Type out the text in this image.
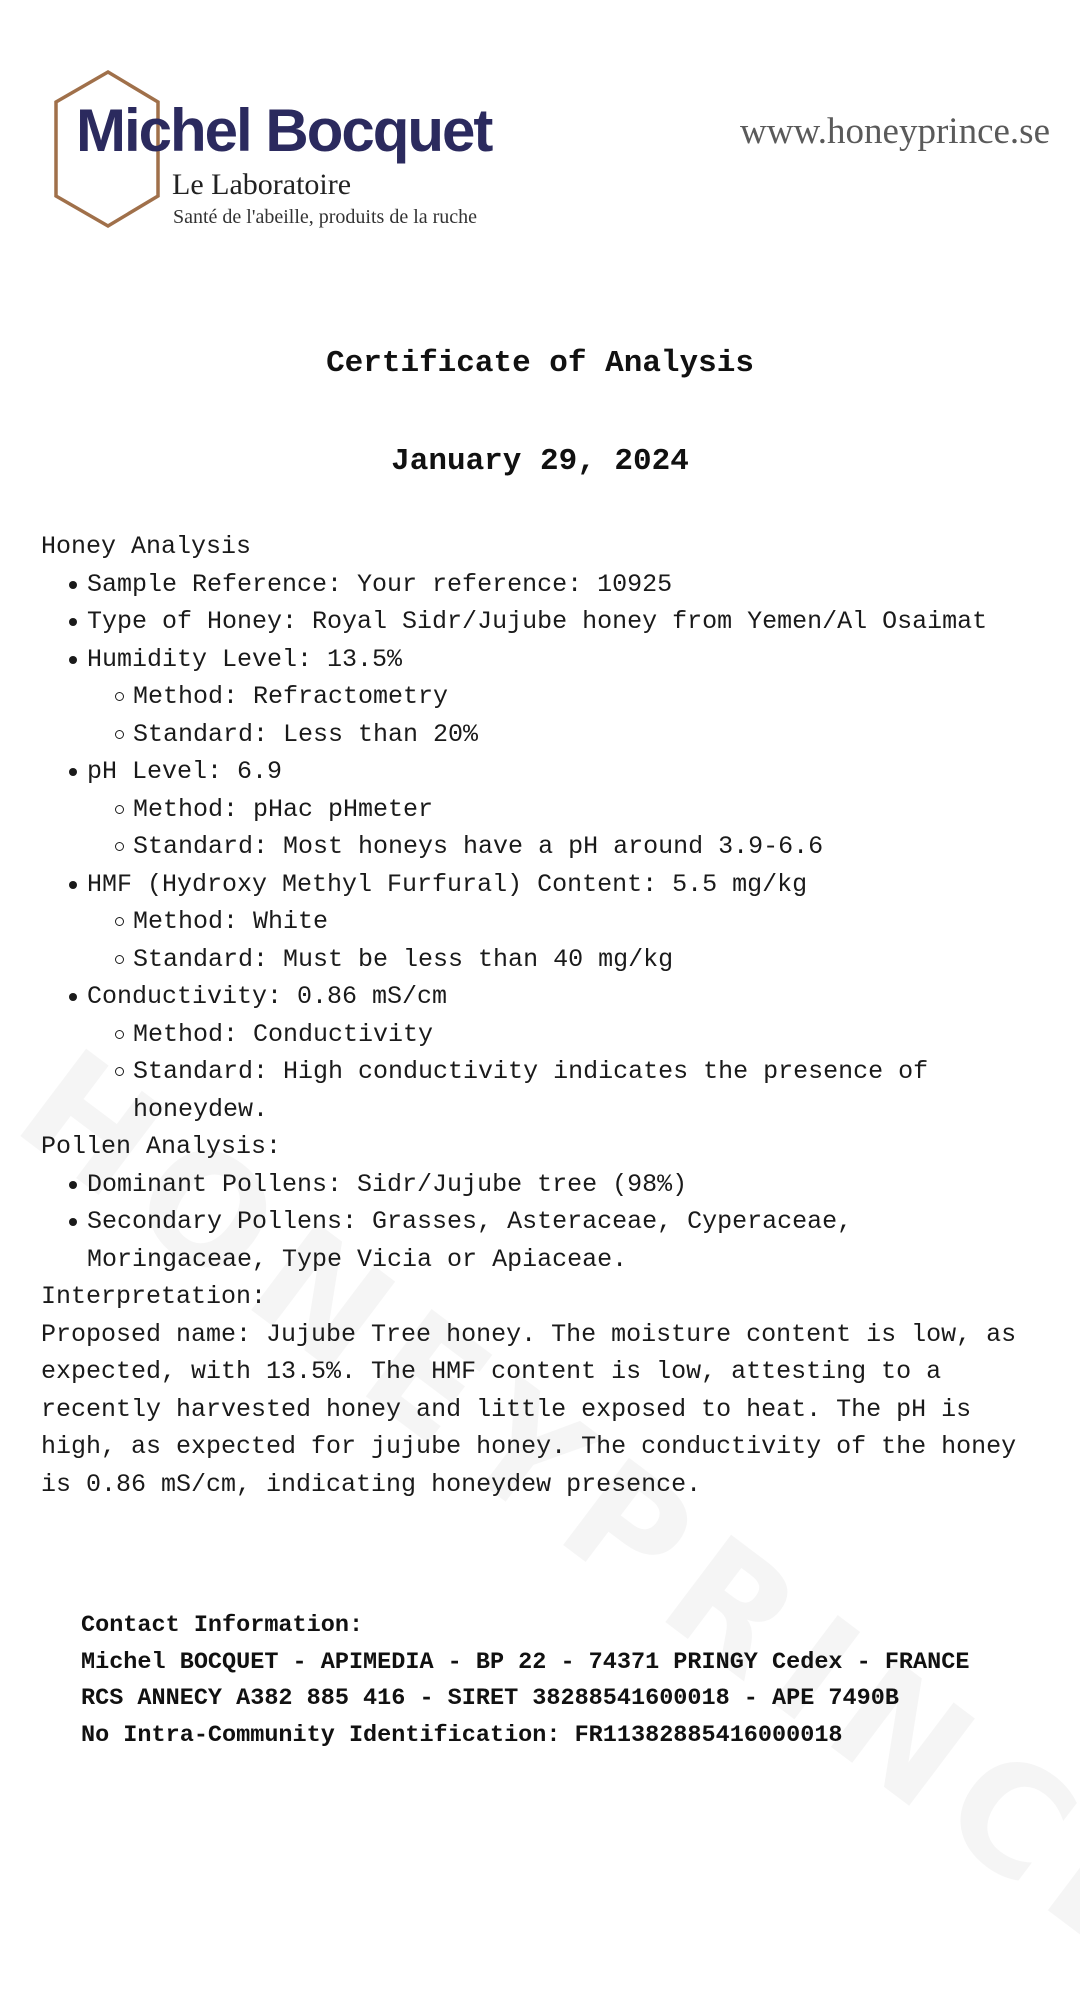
Michel Bocquet
Le Laboratoire
Santé de l'abeille, produits de la ruche
www.honeyprince.se
Certificate of Analysis
January 29, 2024

Honey Analysis

Sample Reference: Your reference: 10925
Type of Honey: Royal Sidr/Jujube honey from Yemen/Al Osaimat
Humidity Level: 13.5%
Method: Refractometry
Standard: Less than 20%
pH Level: 6.9
Method: pHac pHmeter
Standard: Most honeys have a pH around 3.9-6.6
HMF (Hydroxy Methyl Furfural) Content: 5.5 mg/kg
Method: White
Standard: Must be less than 40 mg/kg
Conductivity: 0.86 mS/cm
Method: Conductivity
Standard: High conductivity indicates the presence of honeydew.

Pollen Analysis:

Dominant Pollens: Sidr/Jujube tree (98%)
Secondary Pollens: Grasses, Asteraceae, Cyperaceae, Moringaceae, Type Vicia or Apiaceae.

Interpretation:

Proposed name: Jujube Tree honey. The moisture content is low, as expected, with 13.5%. The HMF content is low, attesting to a recently harvested honey and little exposed to heat. The pH is high, as expected for jujube honey. The conductivity of the honey is 0.86 mS/cm, indicating honeydew presence.

Contact Information:
Michel BOCQUET - APIMEDIA - BP 22 - 74371 PRINGY Cedex - FRANCE
RCS ANNECY A382 885 416 - SIRET 38288541600018 - APE 7490B
No Intra-Community Identification: FR11382885416000018
